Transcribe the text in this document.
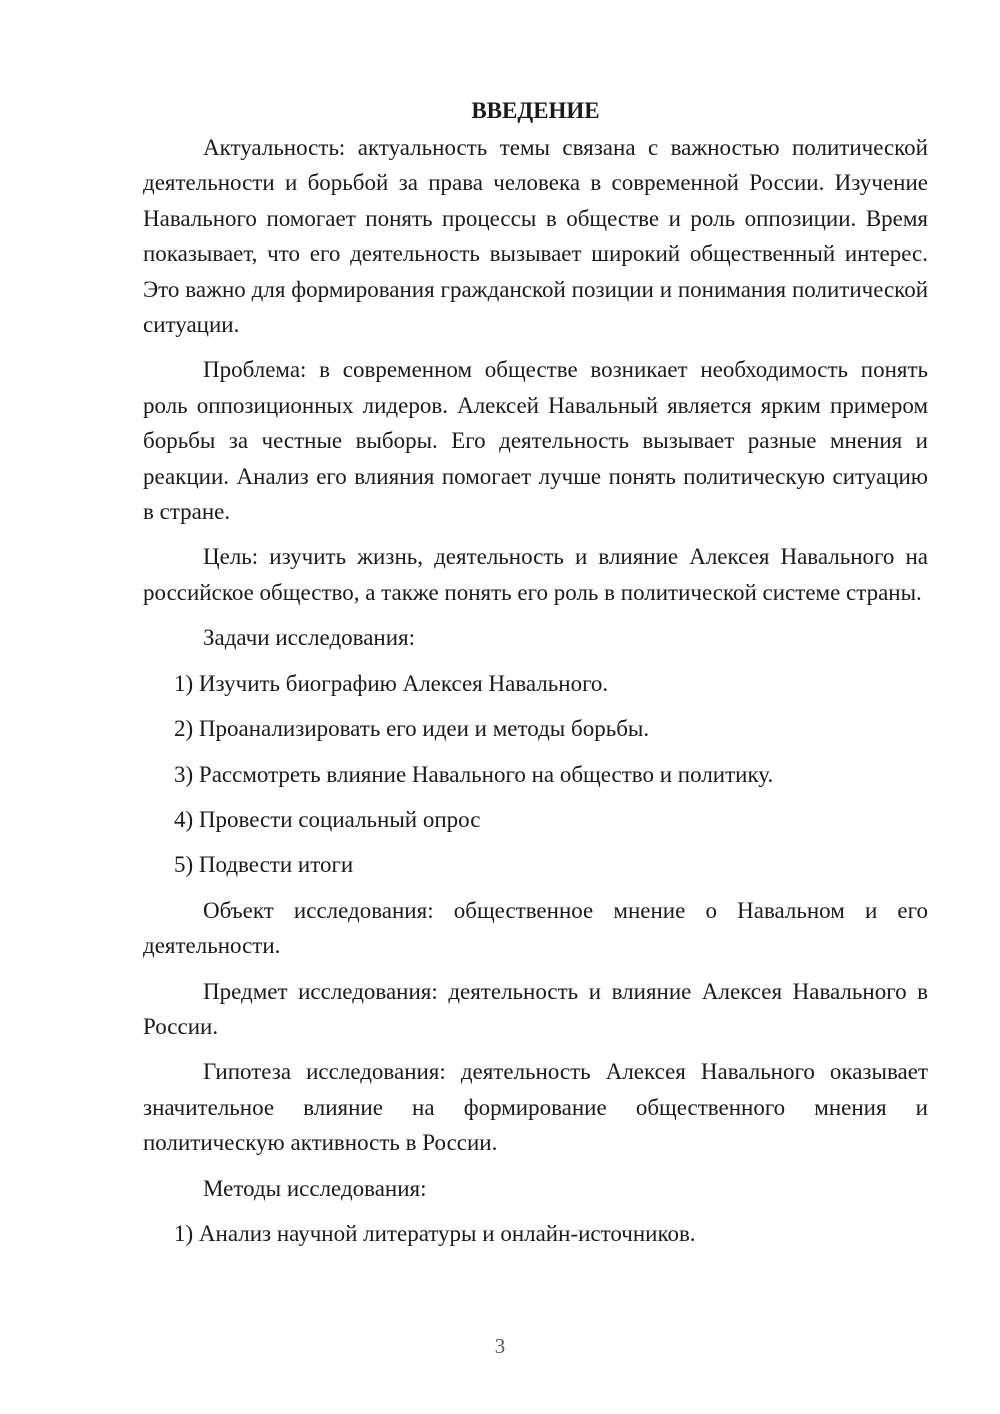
ВВЕДЕНИЕ

Актуальность: актуальность темы связана с важностью политической деятельности и борьбой за права человека в современной России. Изучение Навального помогает понять процессы в обществе и роль оппозиции. Время показывает, что его деятельность вызывает широкий общественный интерес. Это важно для формирования гражданской позиции и понимания политической ситуации.

Проблема: в современном обществе возникает необходимость понять роль оппозиционных лидеров. Алексей Навальный является ярким примером борьбы за честные выборы. Его деятельность вызывает разные мнения и реакции. Анализ его влияния помогает лучше понять политическую ситуацию в стране.

Цель: изучить жизнь, деятельность и влияние Алексея Навального на российское общество, а также понять его роль в политической системе страны.

Задачи исследования:

1) Изучить биографию Алексея Навального.
2) Проанализировать его идеи и методы борьбы.
3) Рассмотреть влияние Навального на общество и политику.
4) Провести социальный опрос
5) Подвести итоги

Объект исследования: общественное мнение о Навальном и его деятельности.

Предмет исследования: деятельность и влияние Алексея Навального в России.

Гипотеза исследования: деятельность Алексея Навального оказывает значительное влияние на формирование общественного мнения и политическую активность в России.

Методы исследования:

1) Анализ научной литературы и онлайн-источников.
3
